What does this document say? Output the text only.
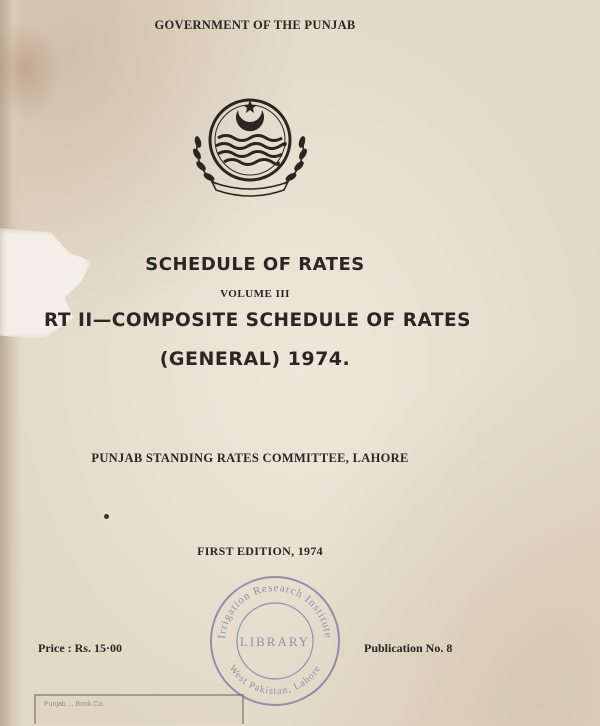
GOVERNMENT OF THE PUNJAB
SCHEDULE OF RATES
VOLUME III
RT II—COMPOSITE SCHEDULE OF RATES
(GENERAL) 1974.
PUNJAB STANDING RATES COMMITTEE, LAHORE
FIRST EDITION, 1974
Price : Rs. 15·00	Publication No. 8
Irrigation Research Institute
LIBRARY
West Pakistan, Lahore
Punjab ... Book Co.
